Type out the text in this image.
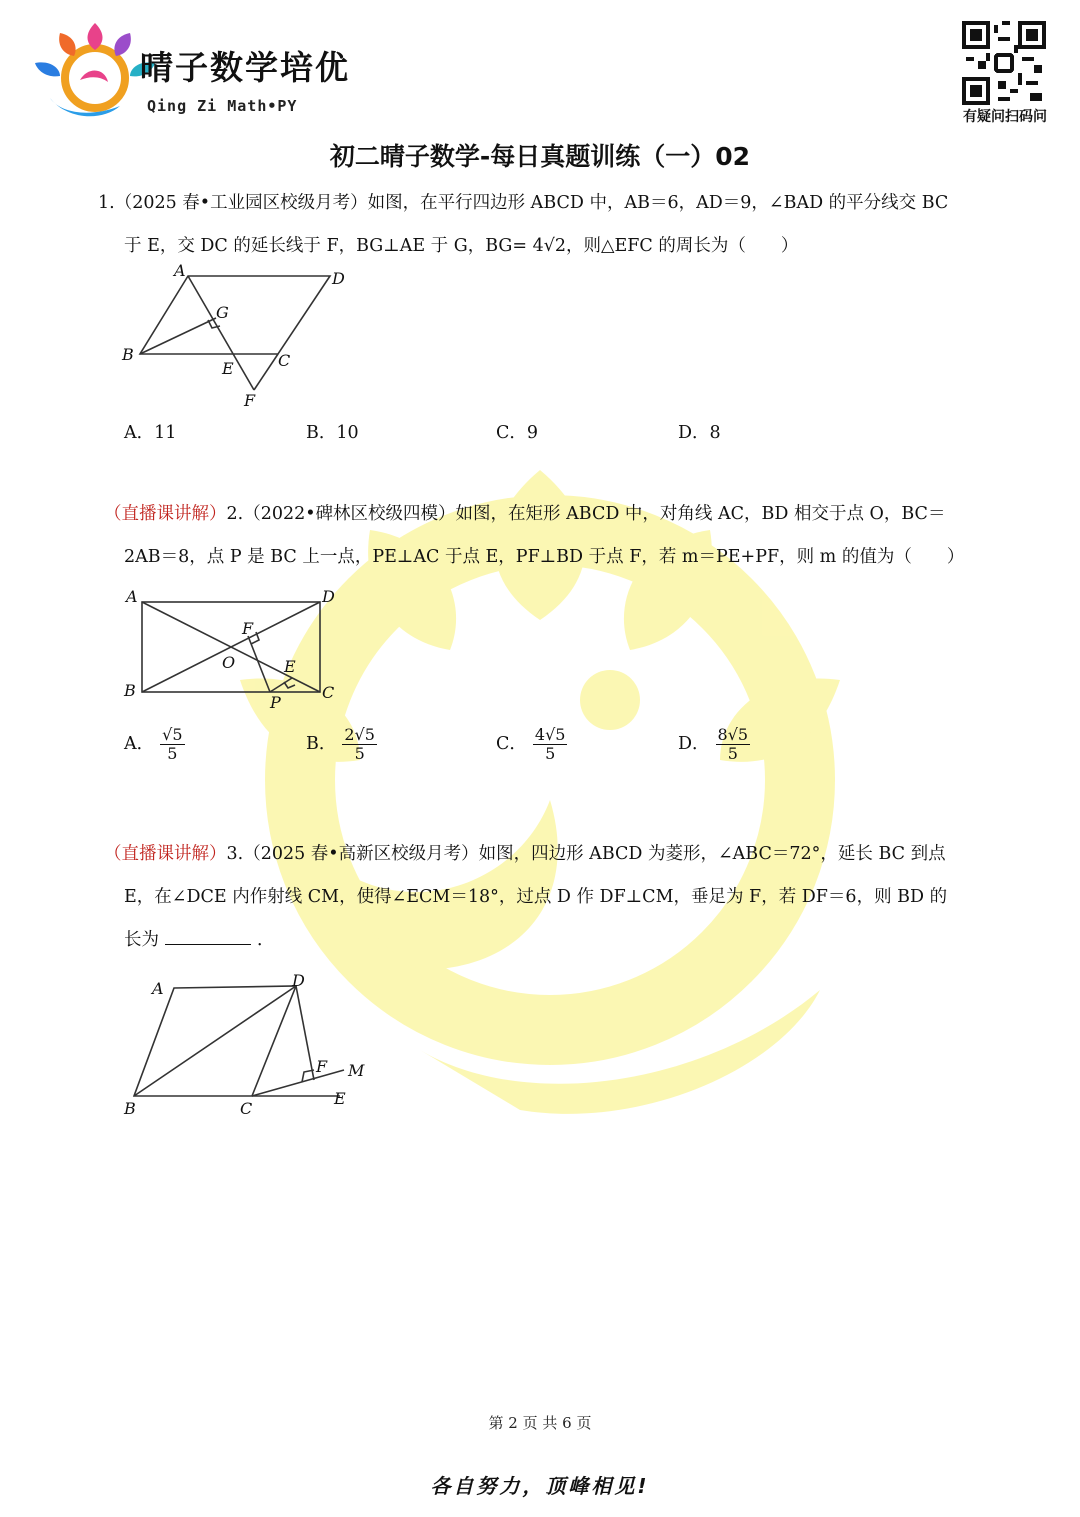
晴子数学培优
Qing Zi Math•PY
有疑问扫码问
初二晴子数学-每日真题训练（一）02
1.（2025 春•工业园区校级月考）如图，在平行四边形 ABCD 中，AB＝6，AD＝9，∠BAD 的平分线交 BC
于 E，交 DC 的延长线于 F，BG⊥AE 于 G，BG= 4√2，则△EFC 的周长为（　　）
A	D
G
B
E	C
F
A．11	B．10	C．9	D．8
（直播课讲解）2.（2022•碑林区校级四模）如图，在矩形 ABCD 中，对角线 AC，BD 相交于点 O，BC＝
2AB＝8，点 P 是 BC 上一点，PE⊥AC 于点 E，PF⊥BD 于点 F，若 m＝PE+PF，则 m 的值为（　　）
A	D
F
O	E
B
P
C
A． $\frac{√5}{5}$	B． $\frac{2√5}{5}$	C． $\frac{4√5}{5}$	D． $\frac{8√5}{5}$
（直播课讲解）3.（2025 春•高新区校级月考）如图，四边形 ABCD 为菱形，∠ABC＝72°，延长 BC 到点
E，在∠DCE 内作射线 CM，使得∠ECM＝18°，过点 D 作 DF⊥CM，垂足为 F，若 DF＝6，则 BD 的
长为	．
A	D
F M
E
B	C
第 2 页 共 6 页
各自努力，顶峰相见!
